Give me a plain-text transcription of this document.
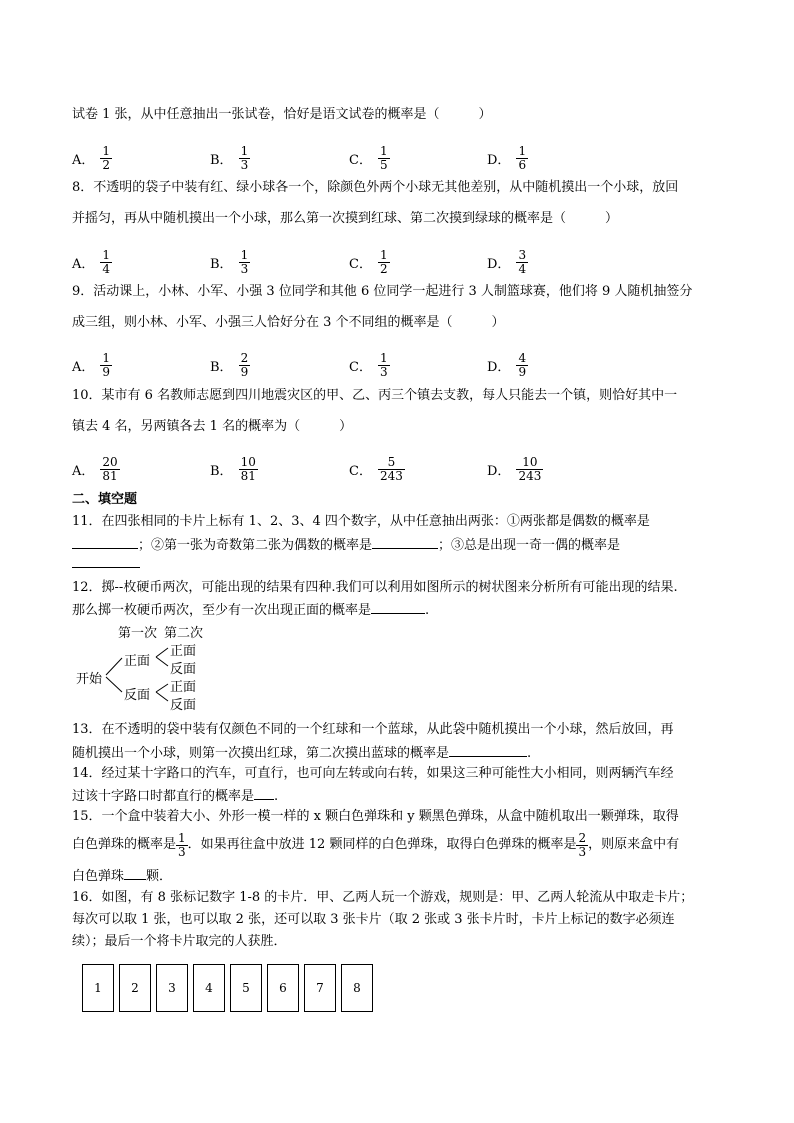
试卷 1 张，从中任意抽出一张试卷，恰好是语文试卷的概率是（　　　）
A． $\frac{1}{2}$	B． $\frac{1}{3}$	C． $\frac{1}{5}$	D． $\frac{1}{6}$
8．不透明的袋子中装有红、绿小球各一个，除颜色外两个小球无其他差别，从中随机摸出一个小球，放回
并摇匀，再从中随机摸出一个小球，那么第一次摸到红球、第二次摸到绿球的概率是（　　　）
A． $\frac{1}{4}$	B． $\frac{1}{3}$	C． $\frac{1}{2}$	D． $\frac{3}{4}$
9．活动课上，小林、小军、小强 3 位同学和其他 6 位同学一起进行 3 人制篮球赛，他们将 9 人随机抽签分
成三组，则小林、小军、小强三人恰好分在 3 个不同组的概率是（　　　）
A． $\frac{1}{9}$	B． $\frac{2}{9}$	C． $\frac{1}{3}$	D． $\frac{4}{9}$
10．某市有 6 名教师志愿到四川地震灾区的甲、乙、丙三个镇去支教，每人只能去一个镇，则恰好其中一
镇去 4 名，另两镇各去 1 名的概率为（　　　）
A． $\frac{20}{81}$	B． $\frac{10}{81}$	C． $\frac{5}{243}$	D． $\frac{10}{243}$
二、填空题
11．在四张相同的卡片上标有 1、2、3、4 四个数字，从中任意抽出两张：①两张都是偶数的概率是
；②第一张为奇数第二张为偶数的概率是	；③总是出现一奇一偶的概率是
12．掷--枚硬币两次，可能出现的结果有四种.我们可以利用如图所示的树状图来分析所有可能出现的结果.
那么掷一枚硬币两次，至少有一次出现正面的概率是	.
第一次 第二次
开始
正面
反面
正面
反面
正面
反面
13．在不透明的袋中装有仅颜色不同的一个红球和一个蓝球，从此袋中随机摸出一个小球，然后放回，再
随机摸出一个小球，则第一次摸出红球，第二次摸出蓝球的概率是	.
14．经过某十字路口的汽车，可直行，也可向左转或向右转，如果这三种可能性大小相同，则两辆汽车经
过该十字路口时都直行的概率是 .
15．一个盒中装着大小、外形一模一样的 x 颗白色弹珠和 y 颗黑色弹珠，从盒中随机取出一颗弹珠，取得
白色弹珠的概率是 $\frac{1}{3}$ ．如果再往盒中放进 12 颗同样的白色弹珠，取得白色弹珠的概率是 $\frac{2}{3}$ ，则原来盒中有
白色弹珠 颗．
16．如图，有 8 张标记数字 1-8 的卡片．甲、乙两人玩一个游戏，规则是：甲、乙两人轮流从中取走卡片；
每次可以取 1 张，也可以取 2 张，还可以取 3 张卡片（取 2 张或 3 张卡片时，卡片上标记的数字必须连
续）；最后一个将卡片取完的人获胜．
1	2	3	4	5	6	7	8
